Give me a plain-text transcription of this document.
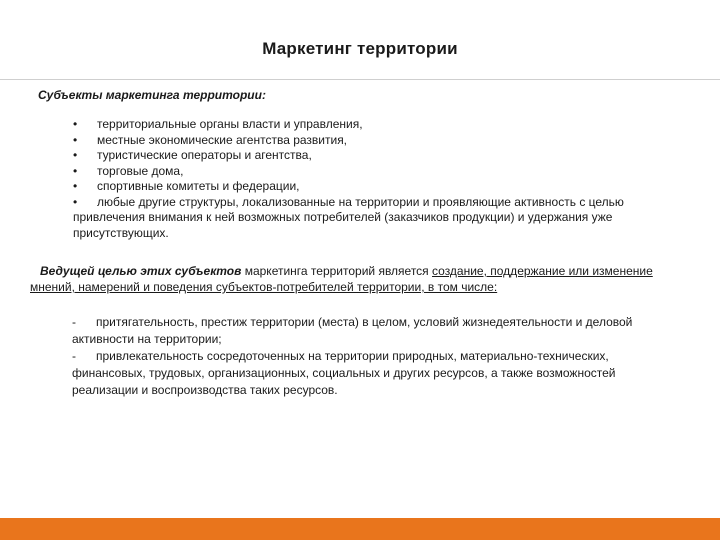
Маркетинг территории
Субъекты маркетинга территории:
• территориальные органы власти и управления,
• местные экономические агентства развития,
• туристические операторы и агентства,
• торговые дома,
• спортивные комитеты и федерации,
• любые другие структуры, локализованные на территории и проявляющие активность с целью привлечения внимания к ней возможных потребителей (заказчиков продукции) и удержания уже присутствующих.

Ведущей целью этих субъектов маркетинга территорий является создание, поддержание или изменение мнений, намерений и поведения субъектов-потребителей территории, в том числе:

- притягательность, престиж территории (места) в целом, условий жизнедеятельности и деловой активности на территории;
- привлекательность сосредоточенных на территории природных, материально-технических, финансовых, трудовых, организационных, социальных и других ресурсов, а также возможностей реализации и воспроизводства таких ресурсов.
